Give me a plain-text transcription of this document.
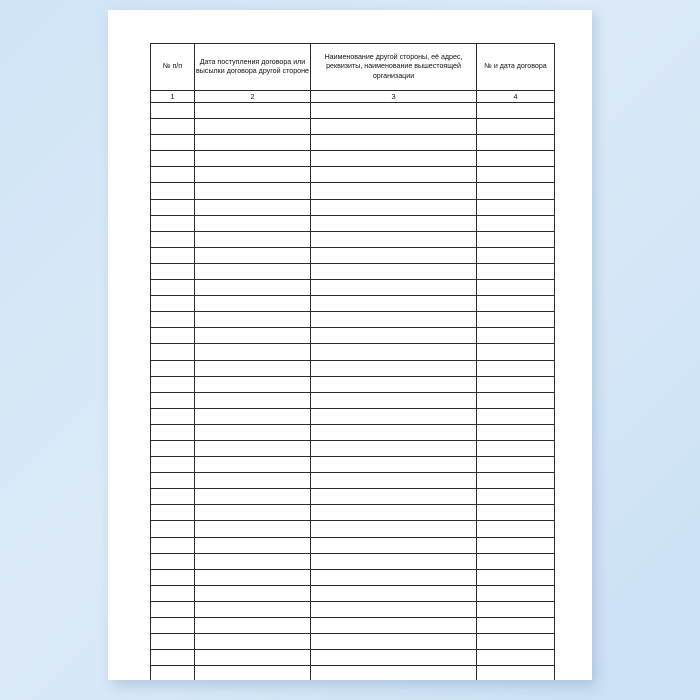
№ п/п	Дата поступления договора или высылки договора другой стороне	Наименование другой стороны, её адрес, реквизиты, наименование вышестоящей организации	№ и дата договора
1	2	3	4
